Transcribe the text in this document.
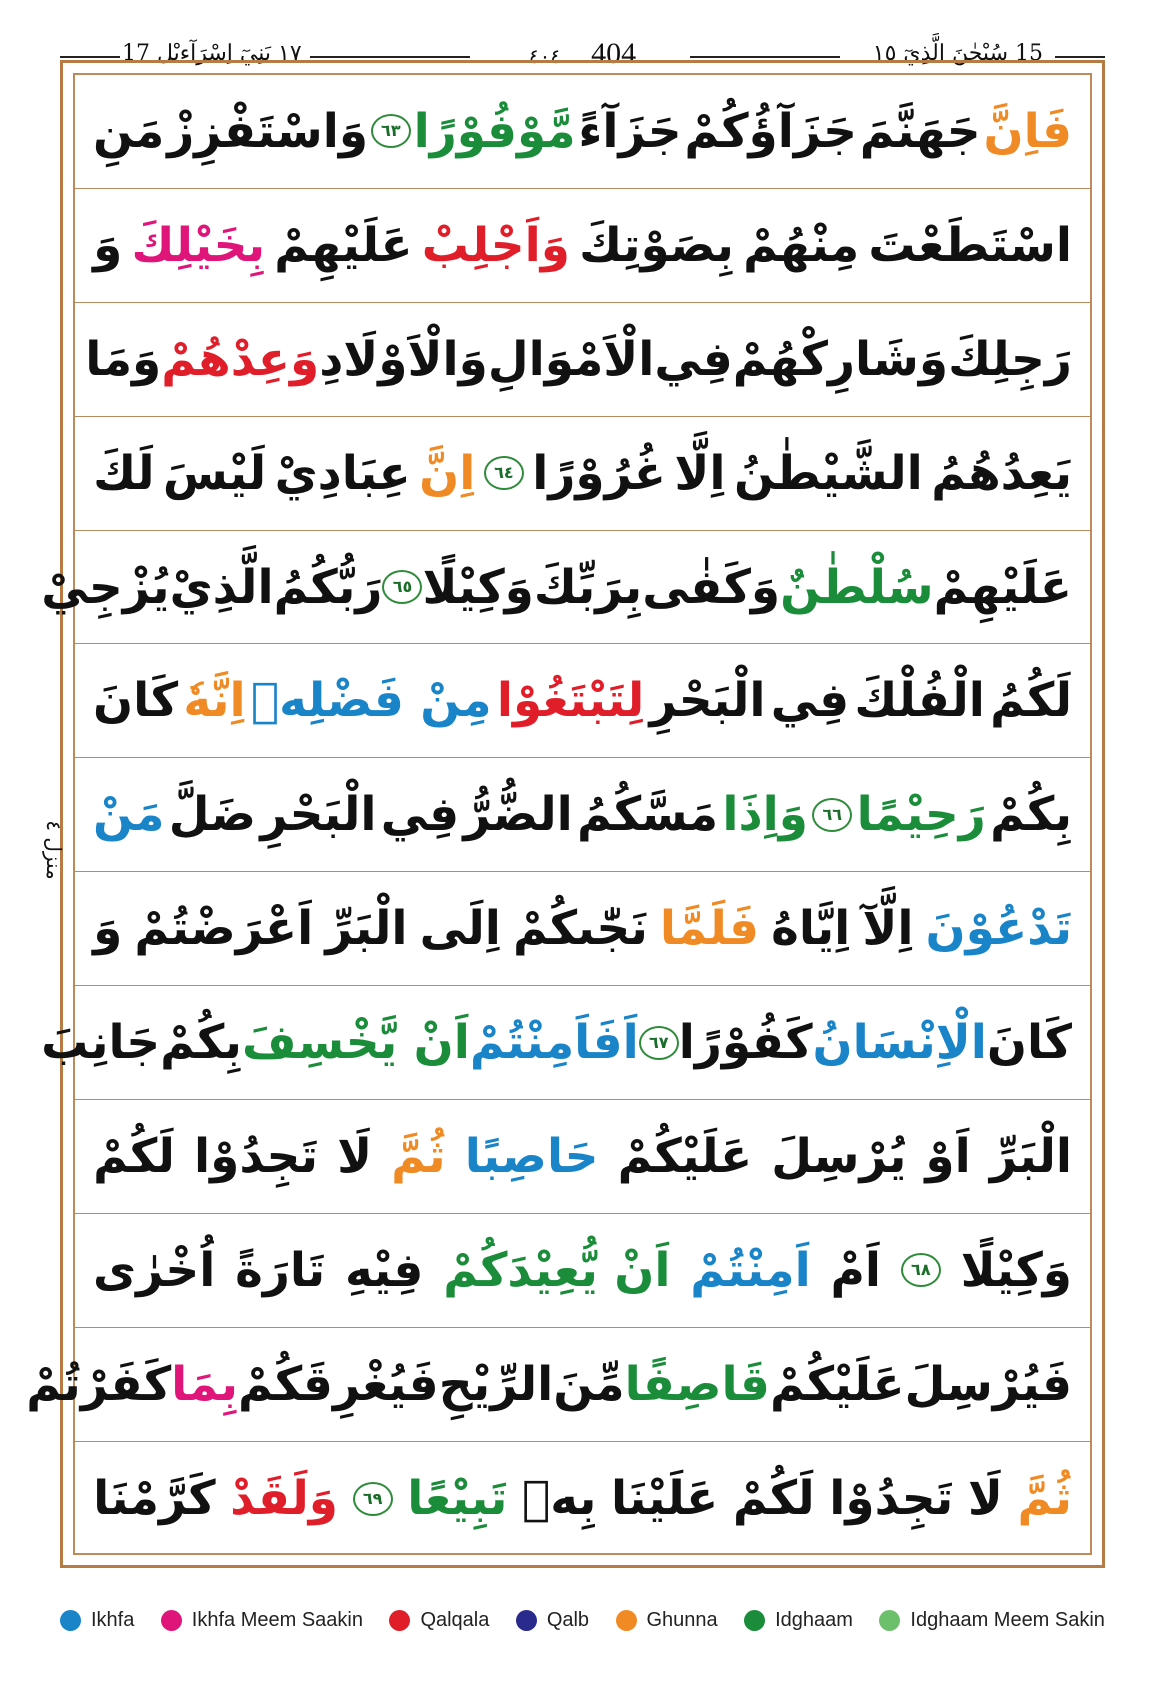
١٧ بَنِيٓ اِسْرَآءِيْل 17	٤٠٤ 404	15 سُبْحٰنَ الَّذِيٓ ١٥
منزل ٤
فَاِنَّ
جَهَنَّمَ
جَزَآؤُكُمْ
جَزَآءً
مَّوْفُوْرًا
٦٣
وَاسْتَفْزِزْ
مَنِ
اسْتَطَعْتَ
مِنْهُمْ
بِصَوْتِكَ
وَاَجْلِبْ
عَلَيْهِمْ
بِخَيْلِكَ
وَ
رَجِلِكَ
وَشَارِكْهُمْ
فِي
الْاَمْوَالِ
وَالْاَوْلَادِ
وَعِدْهُمْ
وَمَا
يَعِدُهُمُ
الشَّيْطٰنُ
اِلَّا
غُرُوْرًا
٦٤
اِنَّ
عِبَادِيْ
لَيْسَ
لَكَ
عَلَيْهِمْ
سُلْطٰنٌ
وَكَفٰى
بِرَبِّكَ
وَكِيْلًا
٦٥
رَبُّكُمُ
الَّذِيْ
يُزْجِيْ
لَكُمُ
الْفُلْكَ
فِي
الْبَحْرِ
لِتَبْتَغُوْا
مِنْ فَضْلِهٖ
اِنَّهٗ
كَانَ
بِكُمْ
رَحِيْمًا
٦٦
وَاِذَا
مَسَّكُمُ
الضُّرُّ
فِي
الْبَحْرِ
ضَلَّ
مَنْ
تَدْعُوْنَ
اِلَّآ
اِيَّاهُ
فَلَمَّا
نَجّٰىكُمْ
اِلَى
الْبَرِّ
اَعْرَضْتُمْ
وَ
كَانَ
الْاِنْسَانُ
كَفُوْرًا
٦٧
اَفَاَمِنْتُمْ
اَنْ يَّخْسِفَ
بِكُمْ
جَانِبَ
الْبَرِّ
اَوْ
يُرْسِلَ
عَلَيْكُمْ
حَاصِبًا
ثُمَّ
لَا
تَجِدُوْا
لَكُمْ
وَكِيْلًا
٦٨
اَمْ
اَمِنْتُمْ
اَنْ يُّعِيْدَكُمْ
فِيْهِ
تَارَةً
اُخْرٰى
فَيُرْسِلَ
عَلَيْكُمْ
قَاصِفًا
مِّنَ
الرِّيْحِ
فَيُغْرِقَكُمْ
بِمَا
كَفَرْتُمْ
ثُمَّ
لَا
تَجِدُوْا
لَكُمْ
عَلَيْنَا
بِهٖ
تَبِيْعًا
٦٩
وَلَقَدْ
كَرَّمْنَا
Ikhfa	Ikhfa Meem Saakin	Qalqala	Qalb	Ghunna	Idghaam	Idghaam Meem Sakin
